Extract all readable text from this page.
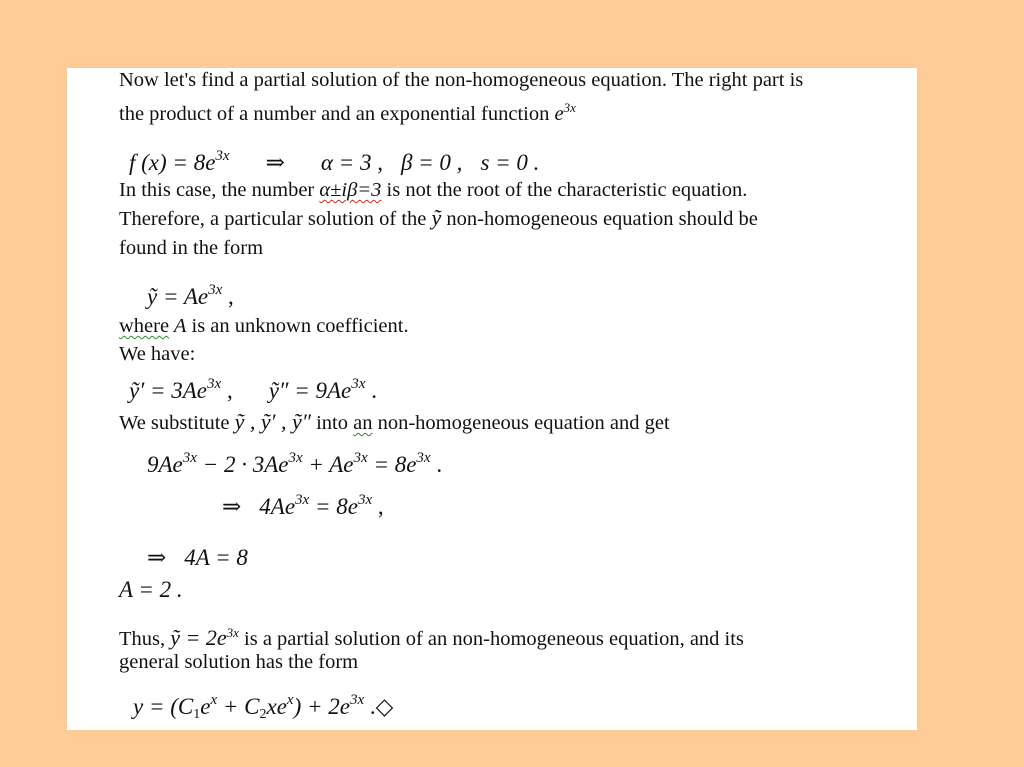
Now let's find a partial solution of the non-homogeneous equation. The right part is
the product of a number and an exponential function $e^{3x}$
f $(x) = 8e^{3x}$ ⇒ α = 3 , β = 0 , s = 0 .
In this case, the number α±iβ=3 is not the root of the characteristic equation.
Therefore, a particular solution of the ỹ non-homogeneous equation should be
found in the form
ỹ = $Ae^{3x}$ ,
where A is an unknown coefficient.
We have:
ỹ′ = $3Ae^{3x}$ , ỹ″ = $9Ae^{3x}$ .
We substitute ỹ , ỹ′ , ỹ″ into an non-homogeneous equation and get
$9Ae^{3x} - 2 \cdot 3Ae^{3x} + Ae^{3x} = 8e^{3x}$ .
⇒ $4Ae^{3x} = 8e^{3x}$ ,
⇒ 4A = 8
A = 2 .
Thus, ỹ = $2e^{3x}$ is a partial solution of an non-homogeneous equation, and its
general solution has the form
$y = (C_1e^x + C_2xe^x) + 2e^{3x}$ .◇
